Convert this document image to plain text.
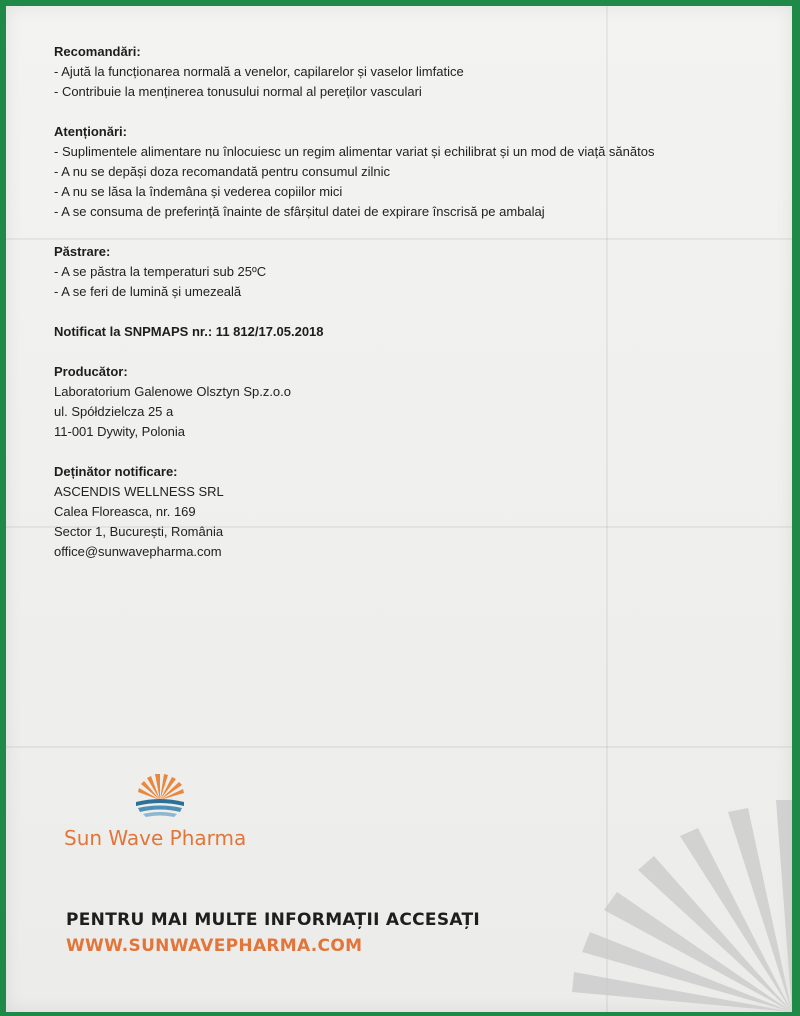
Recomandări:
- Ajută la funcționarea normală a venelor, capilarelor și vaselor limfatice
- Contribuie la menținerea tonusului normal al pereților vasculari
Atenționări:
- Suplimentele alimentare nu înlocuiesc un regim alimentar variat și echilibrat și un mod de viață sănătos
- A nu se depăși doza recomandată pentru consumul zilnic
- A nu se lăsa la îndemâna și vederea copiilor mici
- A se consuma de preferință înainte de sfârșitul datei de expirare înscrisă pe ambalaj
Păstrare:
- A se păstra la temperaturi sub 25ºC
- A se feri de lumină și umezeală
Notificat la SNPMAPS nr.: 11 812/17.05.2018
Producător:
Laboratorium Galenowe Olsztyn Sp.z.o.o
ul. Spółdzielcza 25 a
11-001 Dywity, Polonia
Deținător notificare:
ASCENDIS WELLNESS SRL
Calea Floreasca, nr. 169
Sector 1, București, România
office@sunwavepharma.com
Sun Wave Pharma
PENTRU MAI MULTE INFORMAȚII ACCESAȚI
WWW.SUNWAVEPHARMA.COM
